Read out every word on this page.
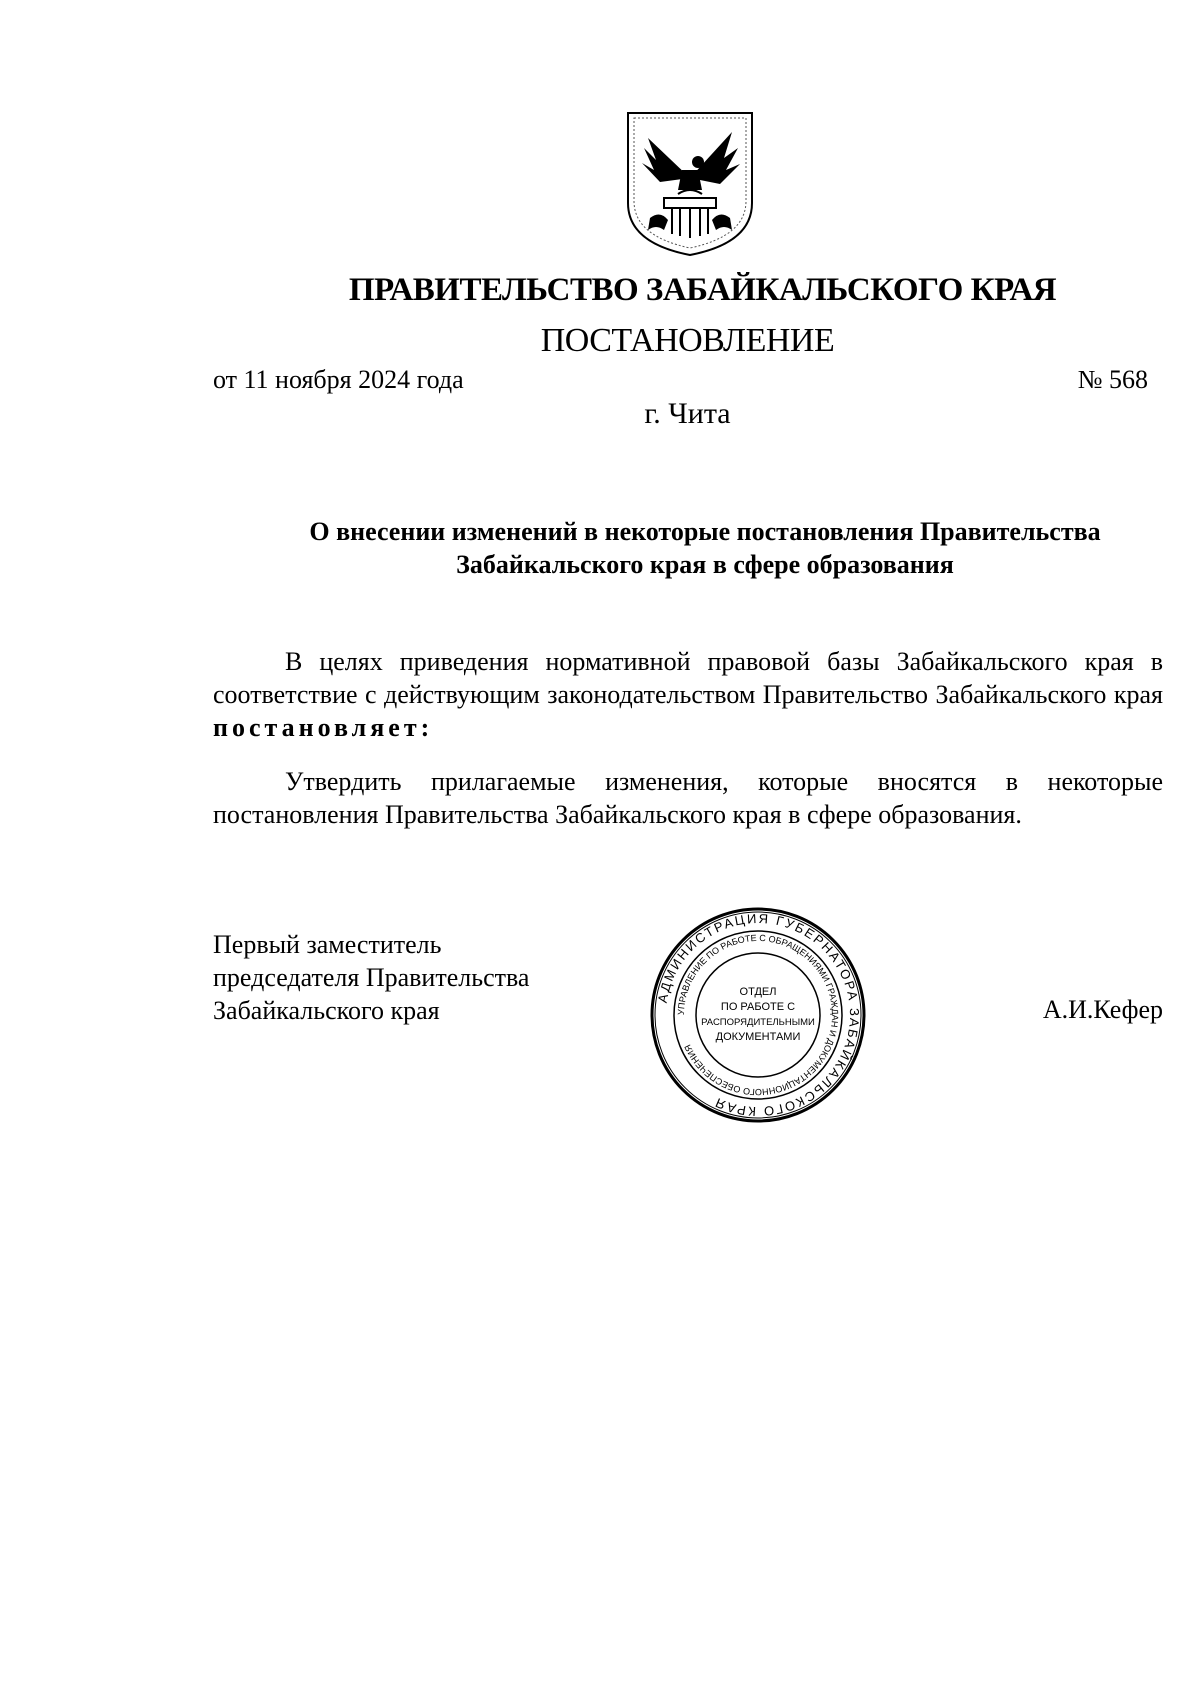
ПРАВИТЕЛЬСТВО ЗАБАЙКАЛЬСКОГО КРАЯ
ПОСТАНОВЛЕНИЕ
от 11 ноября 2024 года	№ 568
г. Чита
О внесении изменений в некоторые постановления Правительства
Забайкальского края в сфере образования
В целях приведения нормативной правовой базы Забайкальского края в соответствие с действующим законодательством Правительство Забайкальского края постановляет:
Утвердить прилагаемые изменения, которые вносятся в некоторые постановления Правительства Забайкальского края в сфере образования.
Первый заместитель
председателя Правительства
Забайкальского края	А.И.Кефер
АДМИНИСТРАЦИЯ ГУБЕРНАТОРА ЗАБАЙКАЛЬСКОГО КРАЯ
УПРАВЛЕНИЕ ПО РАБОТЕ С ОБРАЩЕНИЯМИ ГРАЖДАН И ДОКУМЕНТАЦИОННОГО ОБЕСПЕЧЕНИЯ
ОТДЕЛ
ПО РАБОТЕ С
РАСПОРЯДИТЕЛЬНЫМИ
ДОКУМЕНТАМИ
